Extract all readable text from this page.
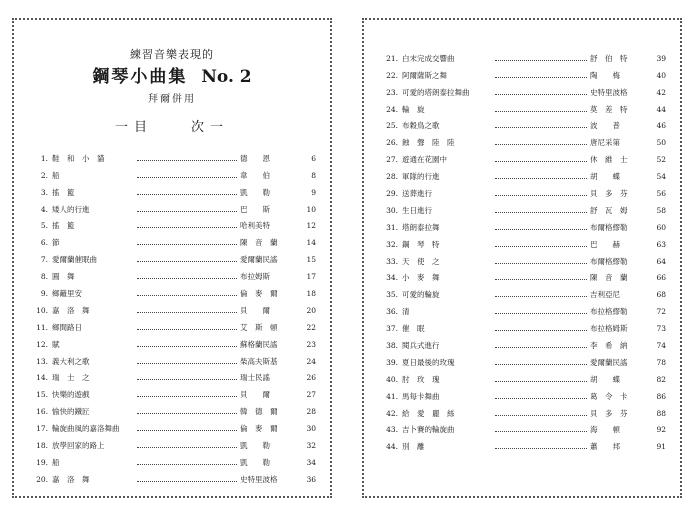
練習音樂表現的
鋼琴小曲集 No. 2
拜爾併用
一目　　次一
1. 鞋　和　小　貓	德　　恩	6
2. 船	韋　　伯	8
3. 搖　籃	凱　　勒	9
4. 矮人的行進	巴　　斯	10
5. 搖　籃	哈利美特	12
6. 節	陳　音　蘭	14
7. 愛爾蘭催眠曲	愛爾蘭民謠	15
8. 圓　舞	布拉姆斯	17
9. 鄉籬里安	倫　麥　爾	18
10. 嘉　洛　舞	貝　　爾	20
11. 鄉間路日	艾　斯　頓	22
12. 賦	蘇格蘭民謠	23
13. 義大利之歌	柴高夫斯基	24
14. 瑞　士　之	瑞士民謠	26
15. 快樂的遊戲	貝　　爾	27
16. 愉快的鐵匠	韓　德　爾	28
17. 輪旋曲風的嘉洛舞曲	倫　麥　爾	30
18. 放學回家的路上	凱　　勒	32
19. 船	凱　　勒	34
20. 嘉　洛　舞	史特里波格	36
21. 白末完成交響曲	舒　伯　特	39
22. 阿爾薩斯之舞	陶　　梅	40
23. 可愛的塔朗泰拉舞曲	史特里波格	42
24. 輪　旋	莫　差　特	44
25. 布穀鳥之歌	波　　普	46
26. 蝕　聲　陸　陸	唐尼采第	50
27. 遊通在花園中	休　維　士	52
28. 軍隊的行進	胡　　蝶	54
29. 送葬進行	貝　多　芬	56
30. 生日進行	舒　瓦　姆	58
31. 塔朗泰拉舞	布爾格繆勒	60
32. 鋼　琴　特	巴　　赫	63
33. 天　使　之	布爾格繆勒	64
34. 小　麥　舞	陳　音　蘭	66
35. 可愛的輪旋	吉利亞尼	68
36. 清	布拉格繆勒	72
37. 催　眠	布拉格姆斯	73
38. 閱兵式進行	李　希　納	74
39. 夏日最後的玫瑰	愛爾蘭民謠	78
40. 肘　玫　瑰	胡　　蝶	82
41. 馬每卡舞曲	葛　令　卡	86
42. 給　愛　麗　絲	貝　多　芬	88
43. 吉卜賽的輪旋曲	海　　頓	92
44. 別　離	蕭　　邦	91
